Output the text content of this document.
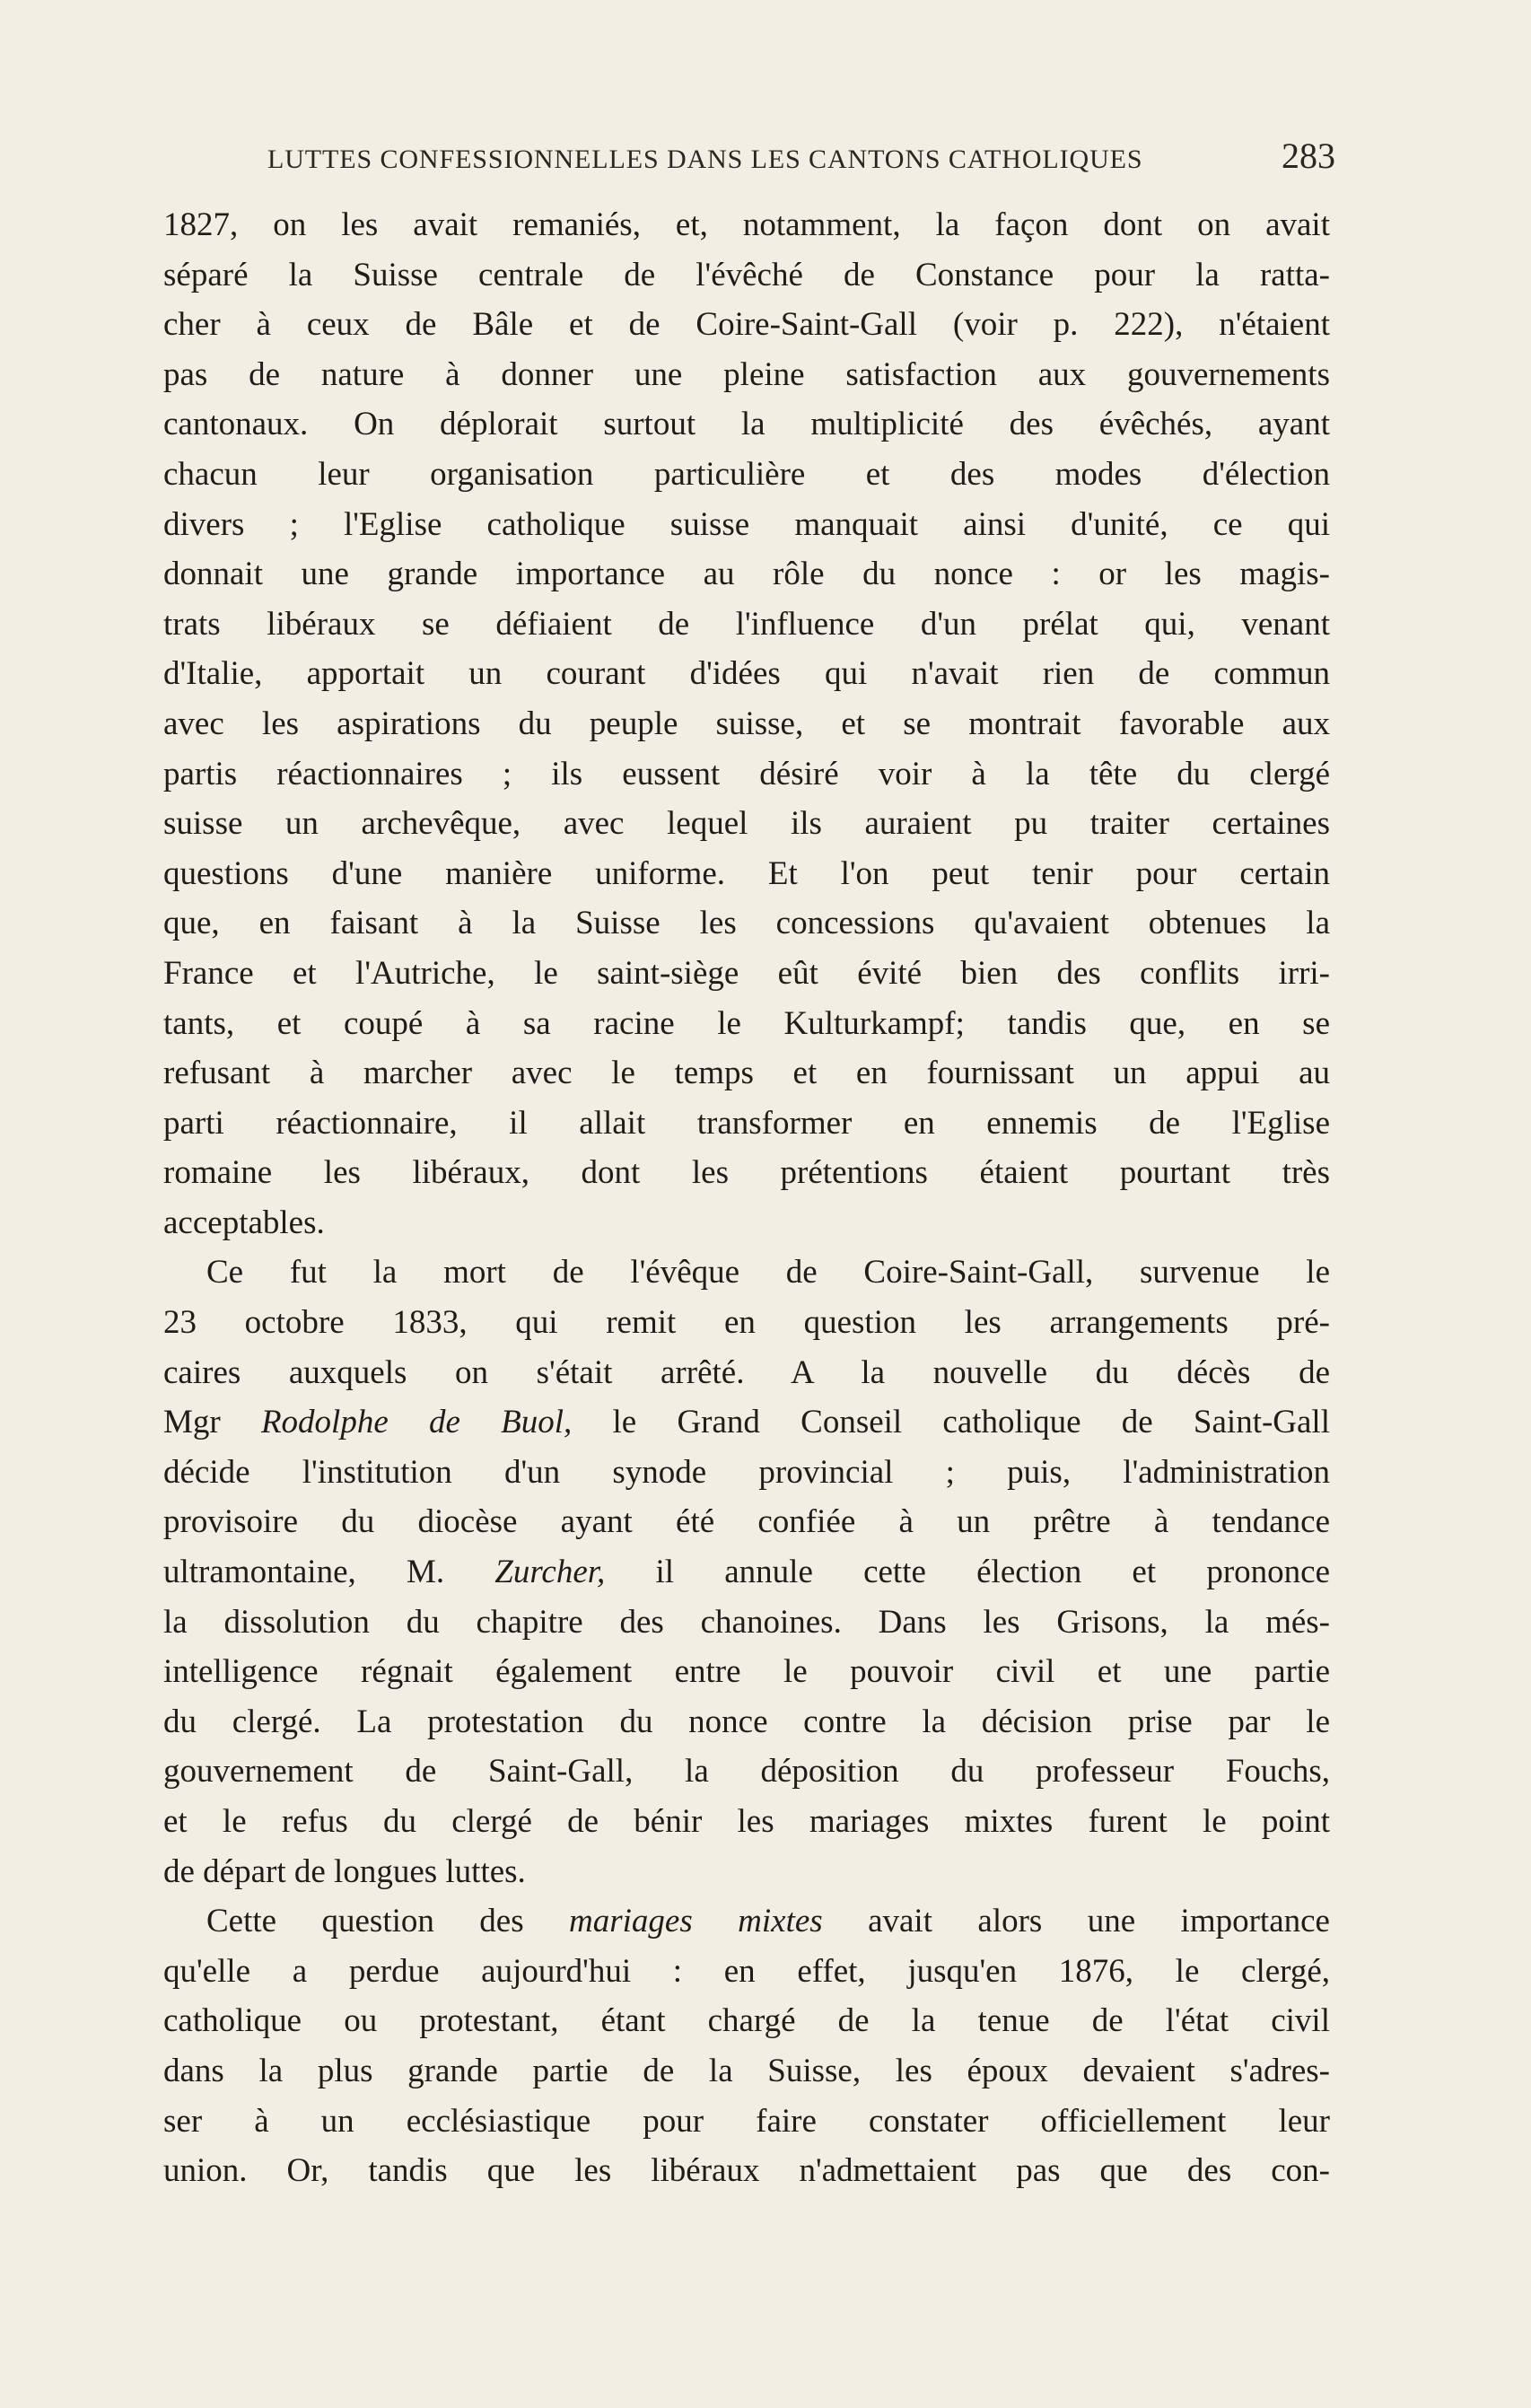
LUTTES CONFESSIONNELLES DANS LES CANTONS CATHOLIQUES	283
1827, on les avait remaniés, et, notamment, la façon dont on avait
séparé la Suisse centrale de l'évêché de Constance pour la ratta-
cher à ceux de Bâle et de Coire-Saint-Gall (voir p. 222), n'étaient
pas de nature à donner une pleine satisfaction aux gouvernements
cantonaux. On déplorait surtout la multiplicité des évêchés, ayant
chacun leur organisation particulière et des modes d'élection
divers ; l'Eglise catholique suisse manquait ainsi d'unité, ce qui
donnait une grande importance au rôle du nonce : or les magis-
trats libéraux se défiaient de l'influence d'un prélat qui, venant
d'Italie, apportait un courant d'idées qui n'avait rien de commun
avec les aspirations du peuple suisse, et se montrait favorable aux
partis réactionnaires ; ils eussent désiré voir à la tête du clergé
suisse un archevêque, avec lequel ils auraient pu traiter certaines
questions d'une manière uniforme. Et l'on peut tenir pour certain
que, en faisant à la Suisse les concessions qu'avaient obtenues la
France et l'Autriche, le saint-siège eût évité bien des conflits irri-
tants, et coupé à sa racine le Kulturkampf; tandis que, en se
refusant à marcher avec le temps et en fournissant un appui au
parti réactionnaire, il allait transformer en ennemis de l'Eglise
romaine les libéraux, dont les prétentions étaient pourtant très
acceptables.
Ce fut la mort de l'évêque de Coire-Saint-Gall, survenue le
23 octobre 1833, qui remit en question les arrangements pré-
caires auxquels on s'était arrêté. A la nouvelle du décès de
Mgr Rodolphe de Buol, le Grand Conseil catholique de Saint-Gall
décide l'institution d'un synode provincial ; puis, l'administration
provisoire du diocèse ayant été confiée à un prêtre à tendance
ultramontaine, M. Zurcher, il annule cette élection et prononce
la dissolution du chapitre des chanoines. Dans les Grisons, la més-
intelligence régnait également entre le pouvoir civil et une partie
du clergé. La protestation du nonce contre la décision prise par le
gouvernement de Saint-Gall, la déposition du professeur Fouchs,
et le refus du clergé de bénir les mariages mixtes furent le point
de départ de longues luttes.
Cette question des mariages mixtes avait alors une importance
qu'elle a perdue aujourd'hui : en effet, jusqu'en 1876, le clergé,
catholique ou protestant, étant chargé de la tenue de l'état civil
dans la plus grande partie de la Suisse, les époux devaient s'adres-
ser à un ecclésiastique pour faire constater officiellement leur
union. Or, tandis que les libéraux n'admettaient pas que des con-
